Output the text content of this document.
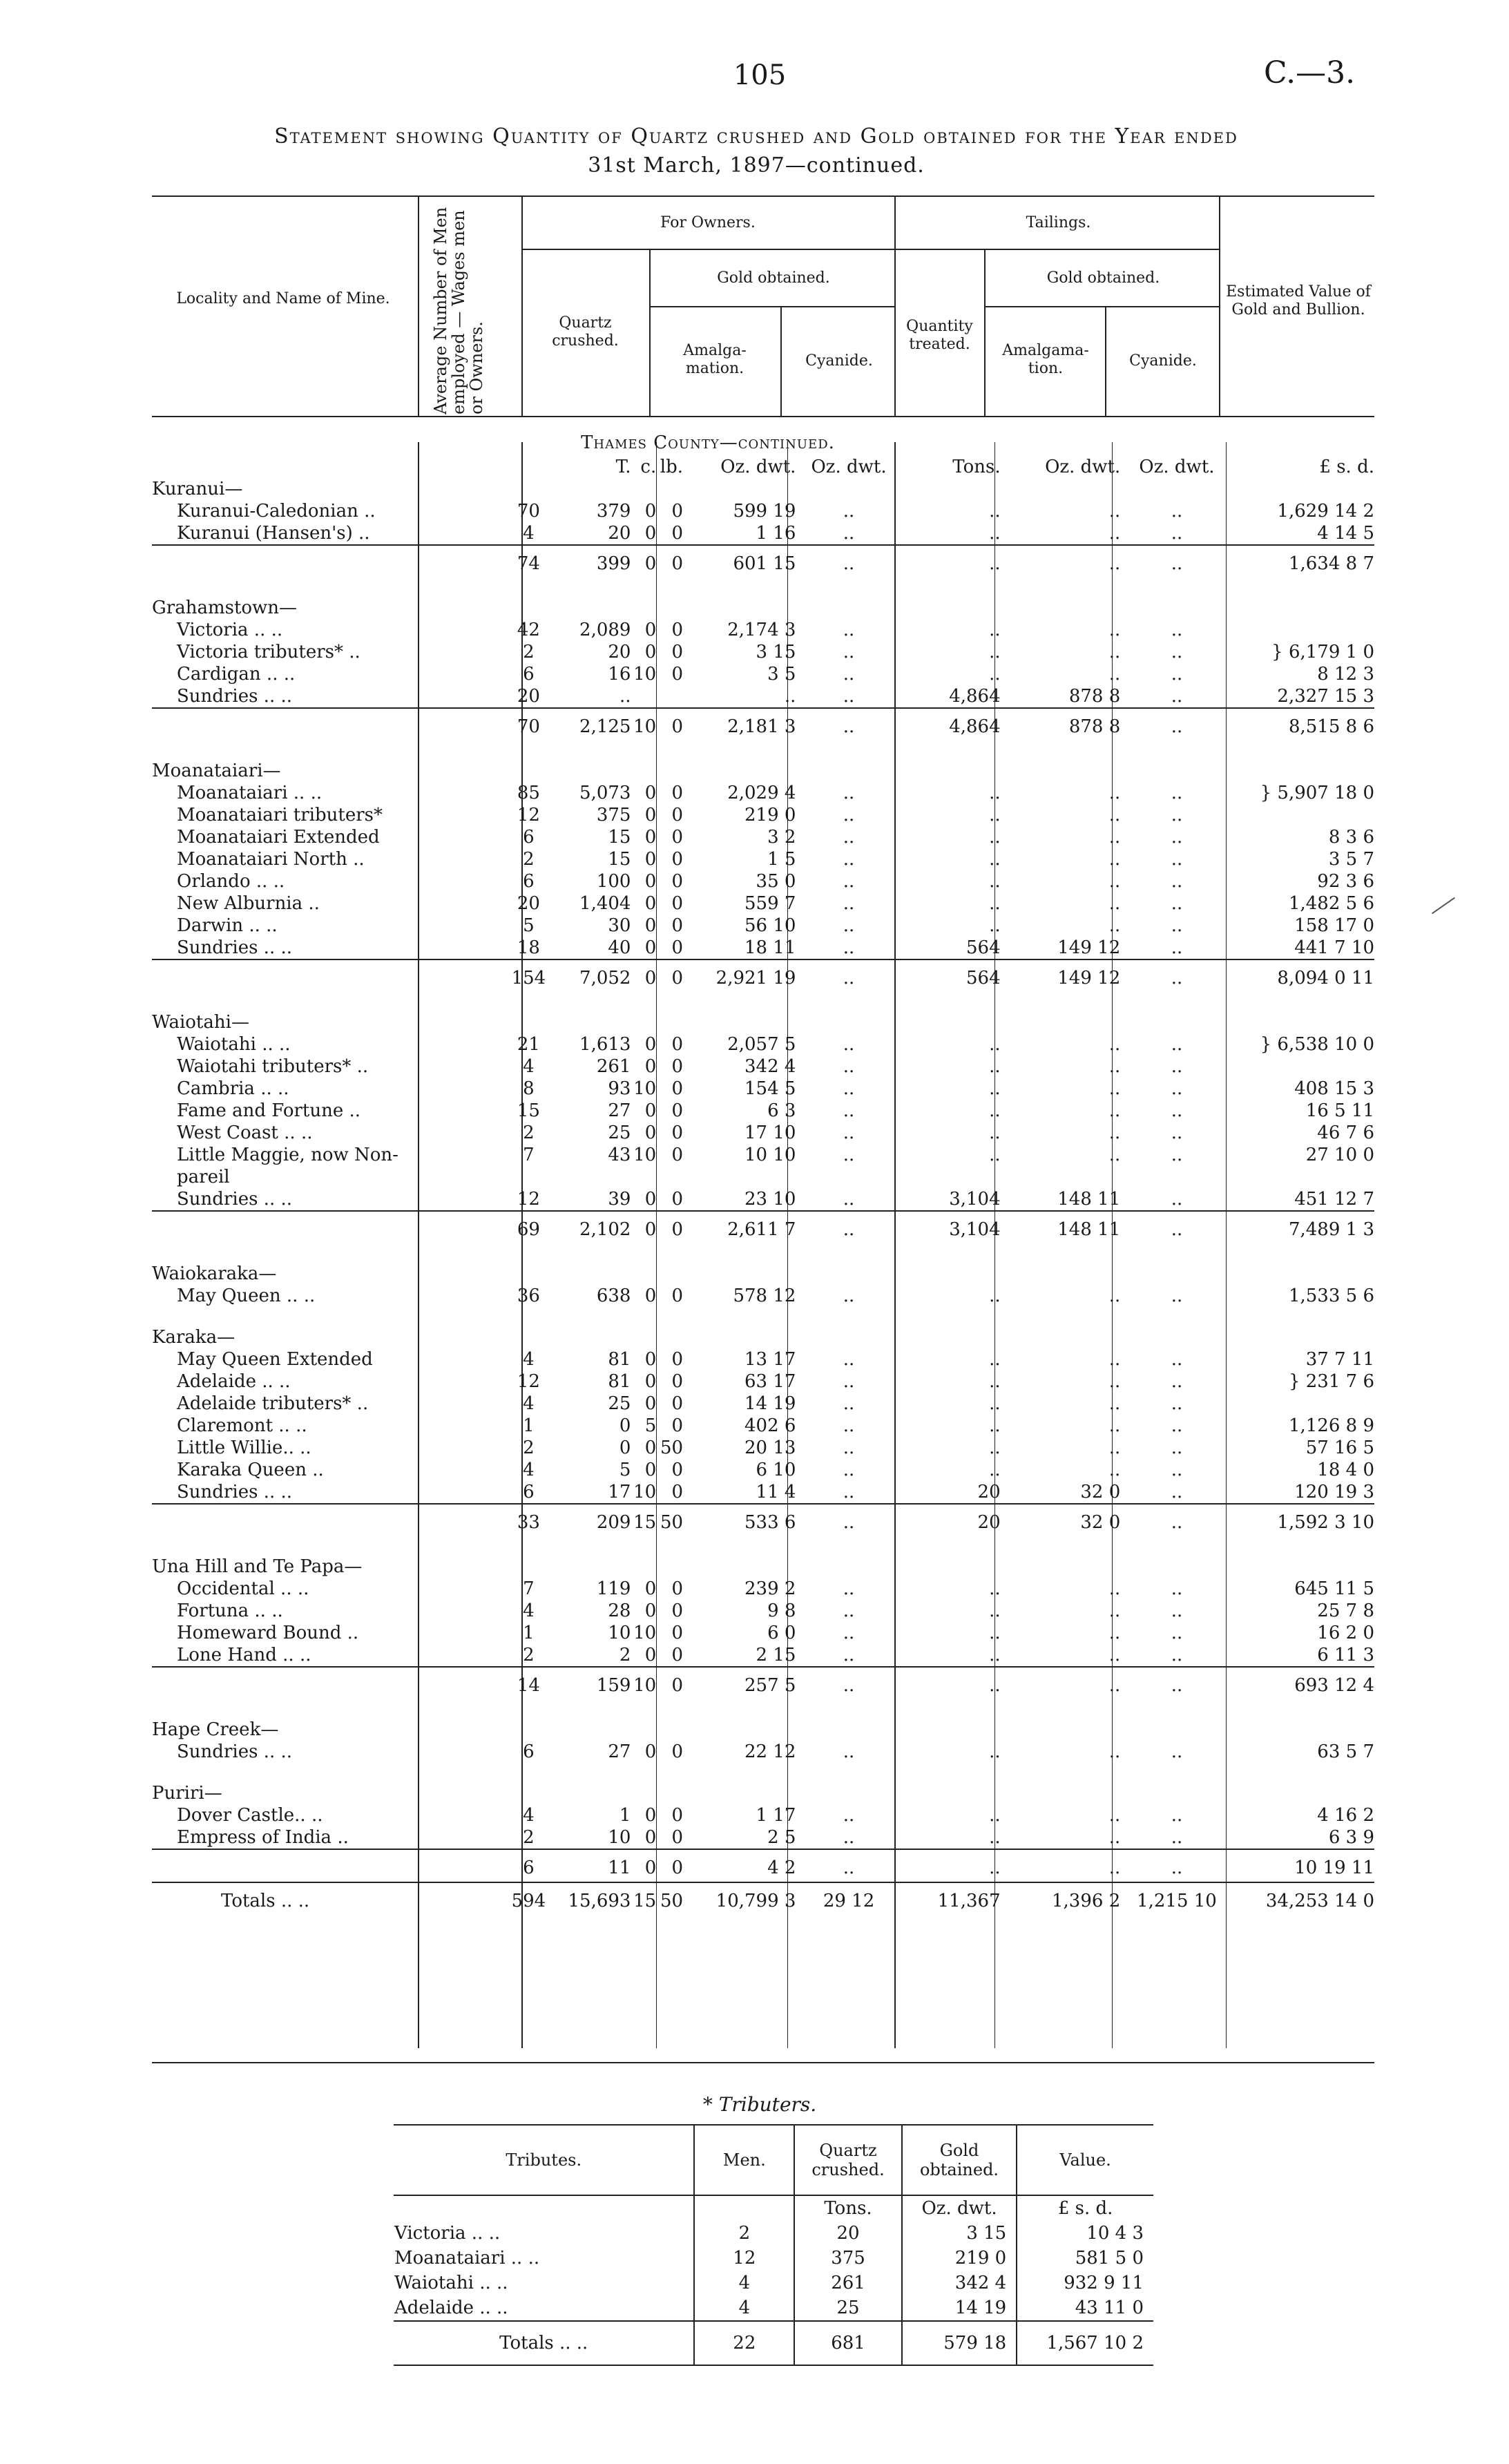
105	C.—3.
Statement showing Quantity of Quartz crushed and Gold obtained for the Year ended
31st March, 1897—continued.
Locality and Name of Mine.	Average Number of Men employed — Wages men or Owners.
For Owners.
Quartz crushed.
Gold obtained.
Amalga- mation.	Cyanide.
Tailings.
Quantity treated.
Gold obtained.
Amalgama- tion.	Cyanide.
Estimated Value of Gold and Bullion.
Thames County—continued.
		T.	c.	lb.	Oz. dwt.	Oz. dwt.	Tons.	Oz. dwt.	Oz. dwt.	£ s. d.
Kuranui—										
Kuranui-Caledonian ..	70	379	0	0	599 19	..	..	..	..	1,629 14 2
Kuranui (Hansen's) ..	4	20	0	0	1 16	..	..	..	..	4 14 5
	74	399	0	0	601 15	..	..	..	..	1,634 8 7

Grahamstown—										
Victoria .. ..	42	2,089	0	0	2,174 3	..	..	..	..	
Victoria tributers* ..	2	20	0	0	3 15	..	..	..	..	} 6,179 1 0
Cardigan .. ..	6	16	10	0	3 5	..	..	..	..	8 12 3
Sundries .. ..	20	..			..	..	4,864	878 8	..	2,327 15 3
	70	2,125	10	0	2,181 3	..	4,864	878 8	..	8,515 8 6

Moanataiari—										
Moanataiari .. ..	85	5,073	0	0	2,029 4	..	..	..	..	} 5,907 18 0
Moanataiari tributers*	12	375	0	0	219 0	..	..	..	..	
Moanataiari Extended	6	15	0	0	3 2	..	..	..	..	8 3 6
Moanataiari North ..	2	15	0	0	1 5	..	..	..	..	3 5 7
Orlando .. ..	6	100	0	0	35 0	..	..	..	..	92 3 6
New Alburnia ..	20	1,404	0	0	559 7	..	..	..	..	1,482 5 6
Darwin .. ..	5	30	0	0	56 10	..	..	..	..	158 17 0
Sundries .. ..	18	40	0	0	18 11	..	564	149 12	..	441 7 10
	154	7,052	0	0	2,921 19	..	564	149 12	..	8,094 0 11

Waiotahi—										
Waiotahi .. ..	21	1,613	0	0	2,057 5	..	..	..	..	} 6,538 10 0
Waiotahi tributers* ..	4	261	0	0	342 4	..	..	..	..	
Cambria .. ..	8	93	10	0	154 5	..	..	..	..	408 15 3
Fame and Fortune ..	15	27	0	0	6 3	..	..	..	..	16 5 11
West Coast .. ..	2	25	0	0	17 10	..	..	..	..	46 7 6
Little Maggie, now Non-	7	43	10	0	10 10	..	..	..	..	27 10 0
pareil										
Sundries .. ..	12	39	0	0	23 10	..	3,104	148 11	..	451 12 7
	69	2,102	0	0	2,611 7	..	3,104	148 11	..	7,489 1 3

Waiokaraka—										
May Queen .. ..	36	638	0	0	578 12	..	..	..	..	1,533 5 6

Karaka—										
May Queen Extended	4	81	0	0	13 17	..	..	..	..	37 7 11
Adelaide .. ..	12	81	0	0	63 17	..	..	..	..	} 231 7 6
Adelaide tributers* ..	4	25	0	0	14 19	..	..	..	..	
Claremont .. ..	1	0	5	0	402 6	..	..	..	..	1,126 8 9
Little Willie.. ..	2	0	0	50	20 13	..	..	..	..	57 16 5
Karaka Queen ..	4	5	0	0	6 10	..	..	..	..	18 4 0
Sundries .. ..	6	17	10	0	11 4	..	20	32 0	..	120 19 3
	33	209	15	50	533 6	..	20	32 0	..	1,592 3 10

Una Hill and Te Papa—										
Occidental .. ..	7	119	0	0	239 2	..	..	..	..	645 11 5
Fortuna .. ..	4	28	0	0	9 8	..	..	..	..	25 7 8
Homeward Bound ..	1	10	10	0	6 0	..	..	..	..	16 2 0
Lone Hand .. ..	2	2	0	0	2 15	..	..	..	..	6 11 3
	14	159	10	0	257 5	..	..	..	..	693 12 4

Hape Creek—										
Sundries .. ..	6	27	0	0	22 12	..	..	..	..	63 5 7

Puriri—										
Dover Castle.. ..	4	1	0	0	1 17	..	..	..	..	4 16 2
Empress of India ..	2	10	0	0	2 5	..	..	..	..	6 3 9
	6	11	0	0	4 2	..	..	..	..	10 19 11
Totals .. ..	594	15,693	15	50	10,799 3	29 12	11,367	1,396 2	1,215 10	34,253 14 0
* Tributers.
Tributes.	Men.	Quartz crushed.	Gold obtained.	Value.
		Tons.	Oz. dwt.	£ s. d.
Victoria .. ..	2	20	3 15	10 4 3
Moanataiari .. ..	12	375	219 0	581 5 0
Waiotahi .. ..	4	261	342 4	932 9 11
Adelaide .. ..	4	25	14 19	43 11 0
Totals .. ..	22	681	579 18	1,567 10 2
